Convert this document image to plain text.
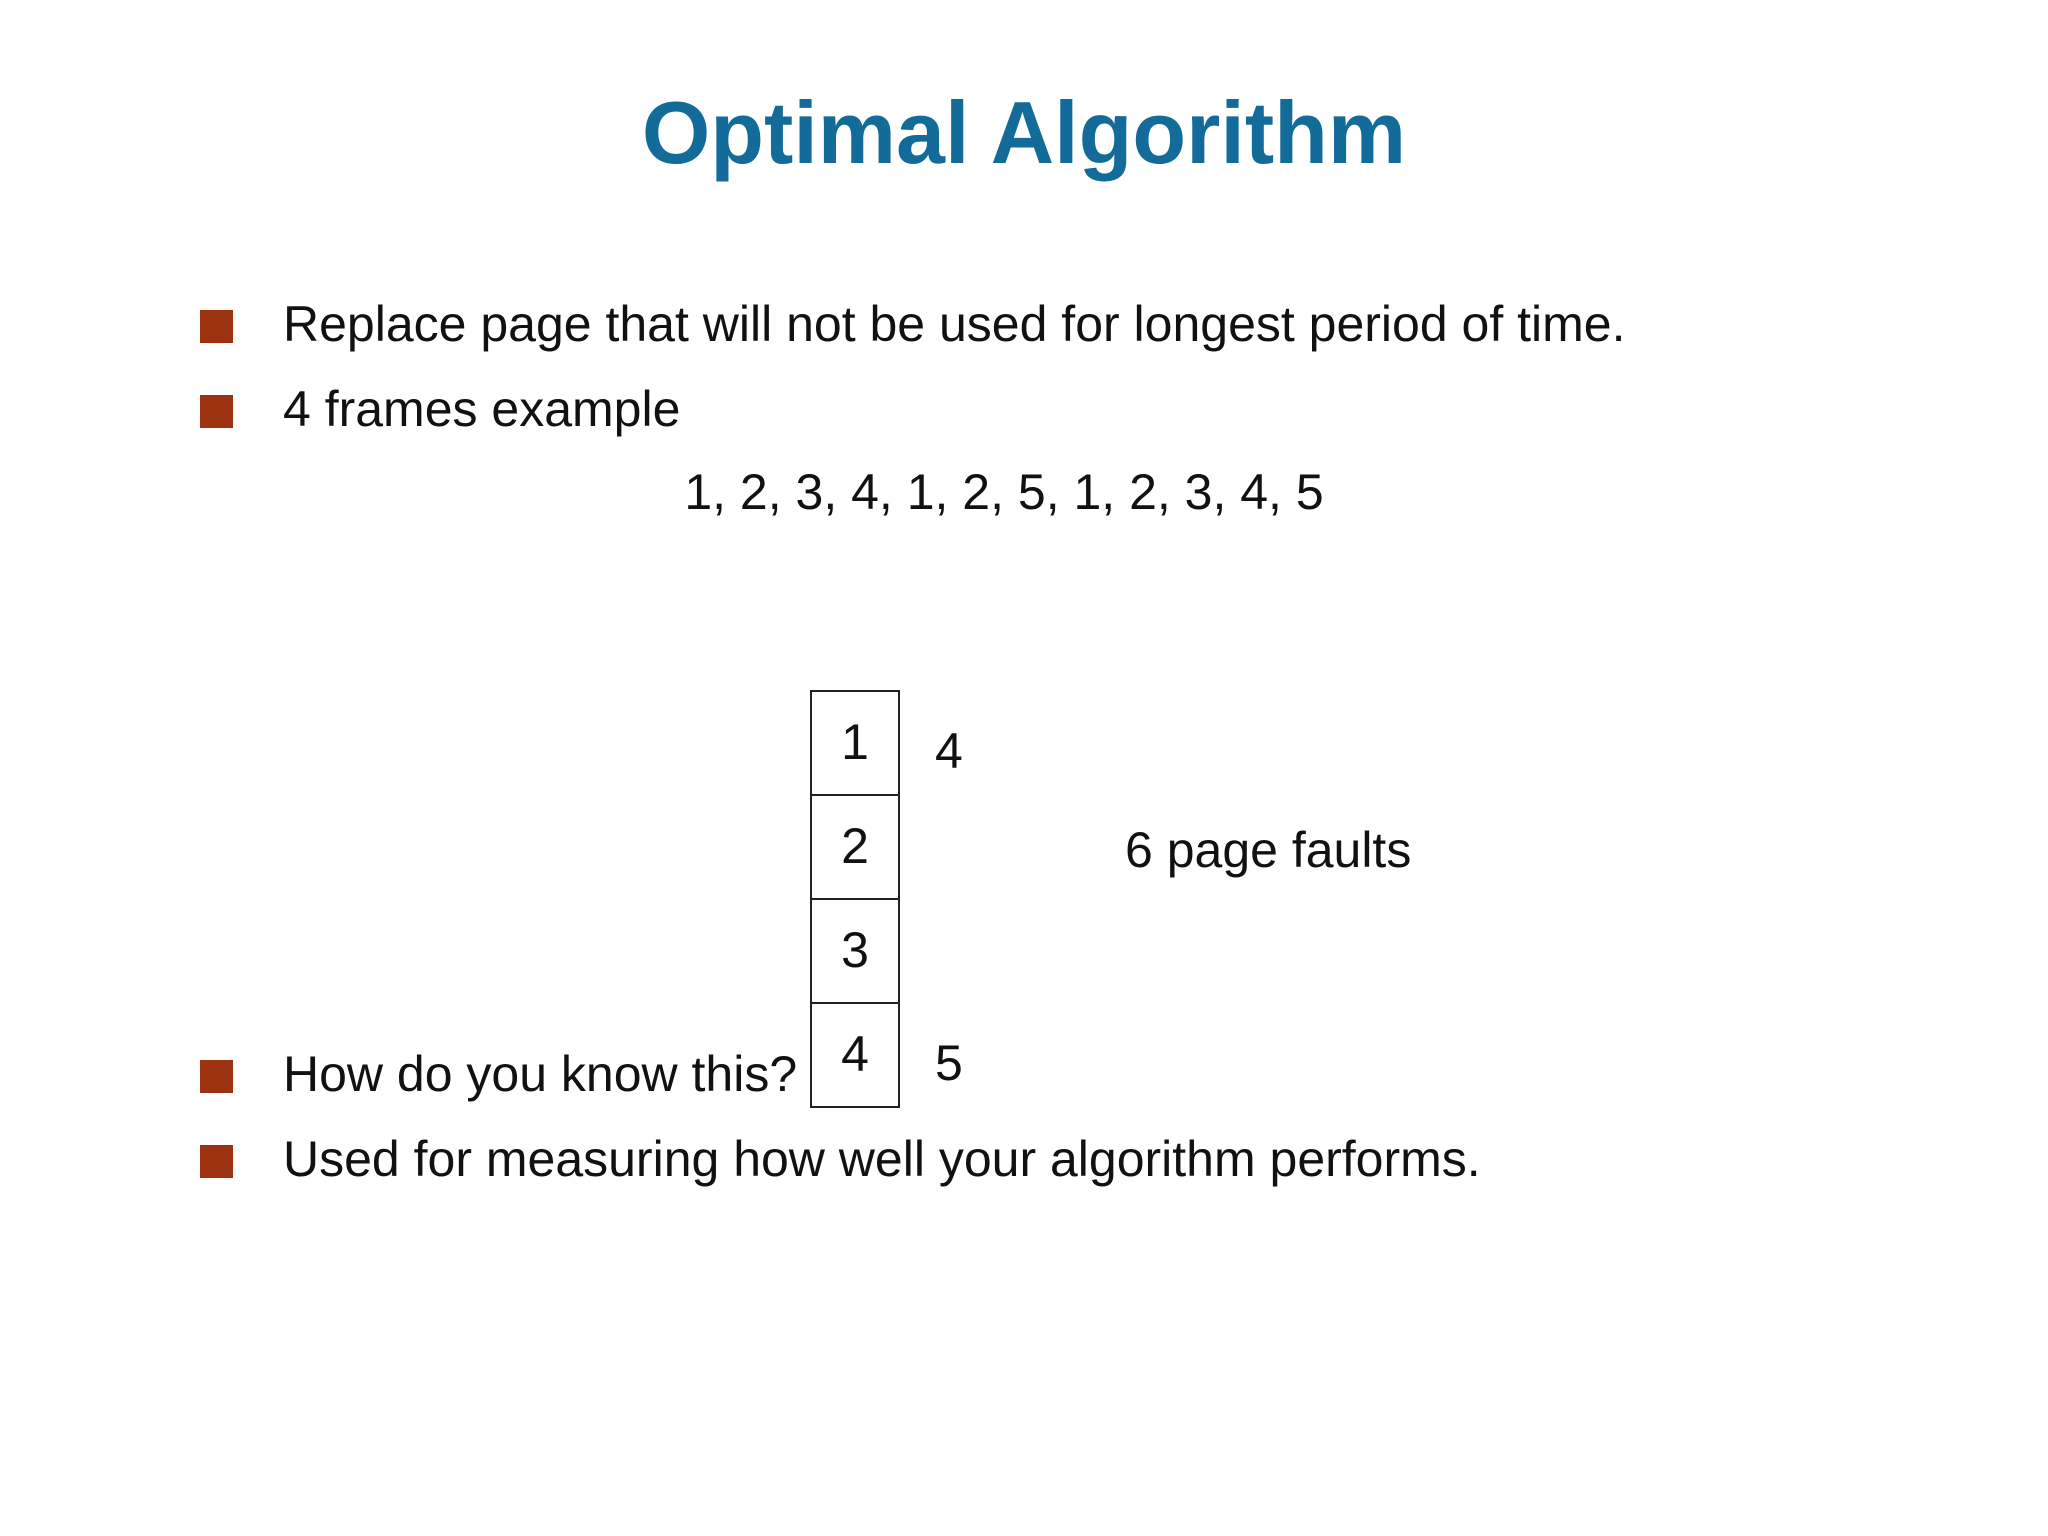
Optimal Algorithm
Replace page that will not be used for longest period of time.
4 frames example
1, 2, 3, 4, 1, 2, 5, 1, 2, 3, 4, 5
1
2
3
4
4
5
6 page faults
How do you know this?
Used for measuring how well your algorithm performs.
